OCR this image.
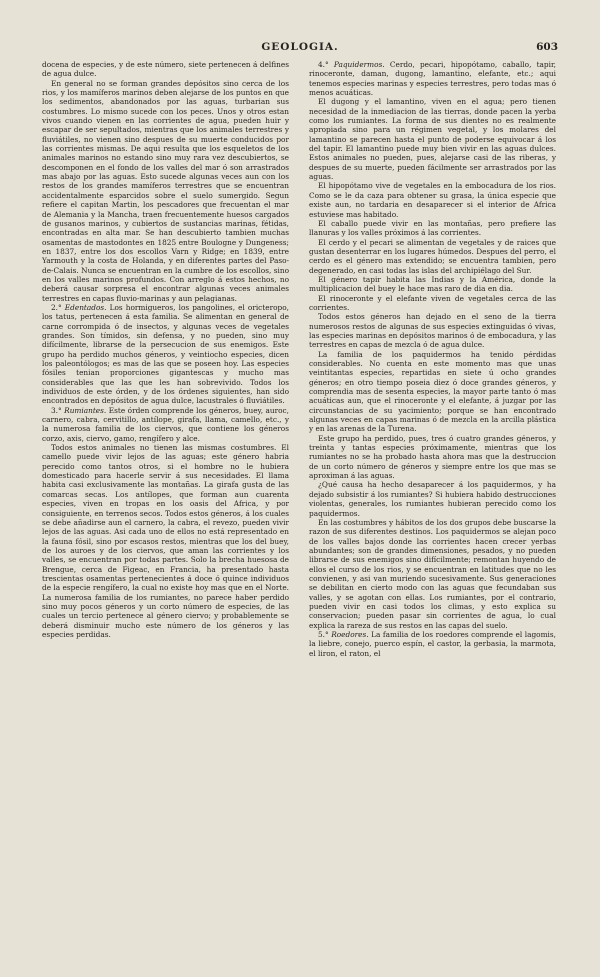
GEOLOGIA.	603

docena de especies, y de este número, siete pertenecen á delfines de agua dulce.

En general no se forman grandes depósitos sino cerca de los rios, y los mamíferos marinos deben alejarse de los puntos en que los sedimentos, abandonados por las aguas, turbarian sus costumbres. Lo mismo sucede con los peces. Unos y otros estan vivos cuando vienen en las corrientes de agua, pueden huir y escapar de ser sepultados, mientras que los animales terrestres y fluviátiles, no vienen sino despues de su muerte conducidos por las corrientes mismas. De aqui resulta que los esqueletos de los animales marinos no estando sino muy rara vez descubiertos, se descomponen en el fondo de los valles del mar ó son arrastrados mas abajo por las aguas. Esto sucede algunas veces aun con los restos de los grandes mamíferos terrestres que se encuentran accidentalmente esparcidos sobre el suelo sumergido. Segun refiere el capitan Martin, los pescadores que frecuentan el mar de Alemania y la Mancha, traen frecuentemente huesos cargados de gusanos marinos, y cubiertos de sustancias marinas, fétidas, encontradas en alta mar. Se han descubierto tambien muchas osamentas de mastodontes en 1825 entre Boulogne y Dungeness; en 1837, entre los dos escollos Varn y Ridge; en 1839, entre Yarmouth y la costa de Holanda, y en diferentes partes del Paso-de-Calais. Nunca se encuentran en la cumbre de los escollos, sino en los valles marinos profundos. Con arreglo á estos hechos, no deberá causar sorpresa el encontrar algunas veces animales terrestres en capas fluvio-marinas y aun pelagianas.

2.° Edentados. Los hormigueros, los pangolines, el oricteropo, los tatus, pertenecen á esta familia. Se alimentan en general de carne corrompida ó de insectos, y algunas veces de vegetales grandes. Son tímidos, sin defensa, y no pueden, sino muy difícilmente, librarse de la persecucion de sus enemigos. Este grupo ha perdido muchos géneros, y veintiocho especies, dicen los paleontólogos; es mas de las que se poseen hoy. Las especies fósiles tenian proporciones gigantescas y mucho mas considerables que las que les han sobrevivido. Todos los individuos de este órden, y de los órdenes siguientes, han sido encontrados en depósitos de agua dulce, lacustrales ó fluviátiles.

3.° Rumiantes. Este órden comprende los géneros, buey, auroc, carnero, cabra, cervitillo, antílope, girafa, llama, camello, etc., y la numerosa familia de los ciervos, que contiene los géneros corzo, axis, ciervo, gamo, rengífero y alce.

Todos estos animales no tienen las mismas costumbres. El camello puede vivir lejos de las aguas; este género habria perecido como tantos otros, si el hombre no le hubiera domesticado para hacerle servir á sus necesidades. El llama habita casi exclusivamente las montañas. La girafa gusta de las comarcas secas. Los antílopes, que forman aun cuarenta especies, viven en tropas en los oasis del Africa, y por consiguiente, en terrenos secos. Todos estos géneros, á los cuales se debe añadirse aun el carnero, la cabra, el revezo, pueden vivir lejos de las aguas. Asi cada uno de ellos no está representado en la fauna fósil, sino por escasos restos, mientras que los del buey, de los auroes y de los ciervos, que aman las corrientes y los valles, se encuentran por todas partes. Solo la brecha huesosa de Brengue, cerca de Figeac, en Francia, ha presentado hasta trescientas osamentas pertenecientes á doce ó quince individuos de la especie rengífero, la cual no existe hoy mas que en el Norte. La numerosa familia de los rumiantes, no parece haber perdido sino muy pocos géneros y un corto número de especies, de las cuales un tercio pertenece al género ciervo; y probablemente se deberá disminuir mucho este número de los géneros y las especies perdidas.

4.° Paquidermos. Cerdo, pecari, hipopótamo, caballo, tapir, rinoceronte, daman, dugong, lamantino, elefante, etc.; aqui tenemos especies marinas y especies terrestres, pero todas mas ó menos acuáticas.

El dugong y el lamantino, viven en el agua; pero tienen necesidad de la inmediacion de las tierras, donde pacen la yerba como los rumiantes. La forma de sus dientes no es realmente apropiada sino para un régimen vegetal, y los molares del lamantino se parecen hasta el punto de poderse equivocar á los del tapir. El lamantino puede muy bien vivir en las aguas dulces. Estos animales no pueden, pues, alejarse casi de las riberas, y despues de su muerte, pueden fácilmente ser arrastrados por las aguas.

El hipopótamo vive de vegetales en la embocadura de los rios. Como se le da caza para obtener su grasa, la única especie que existe aun, no tardaria en desaparecer si el interior de Africa estuviese mas habitado.

El caballo puede vivir en las montañas, pero prefiere las llanuras y los valles próximos á las corrientes.

El cerdo y el pecari se alimentan de vegetales y de raices que gustan desenterrar en los lugares húmedos. Despues del perro, el cerdo es el género mas extendido; se encuentra tambien, pero degenerado, en casi todas las islas del archipiélago del Sur.

El género tapir habita las Indias y la América, donde la multiplicacion del buey le hace mas raro de dia en dia.

El rinoceronte y el elefante viven de vegetales cerca de las corrientes.

Todos estos géneros han dejado en el seno de la tierra numerosos restos de algunas de sus especies extinguidas ó vivas, las especies marinas en depósitos marinos ó de embocadura, y las terrestres en capas de mezcla ó de agua dulce.

La familia de los paquidermos ha tenido pérdidas considerables. No cuenta en este momento mas que unas veintitantas especies, repartidas en siete ú ocho grandes géneros; en otro tiempo poseia diez ó doce grandes géneros, y comprendia mas de sesenta especies, la mayor parte tanto ó mas acuáticas aun, que el rinoceronte y el elefante, á juzgar por las circunstancias de su yacimiento; porque se han encontrado algunas veces en capas marinas ó de mezcla en la arcilla plástica y en las arenas de la Turena.

Este grupo ha perdido, pues, tres ó cuatro grandes géneros, y treinta y tantas especies próximamente, mientras que los rumiantes no se ha probado hasta ahora mas que la destruccion de un corto número de géneros y siempre entre los que mas se aproximan á las aguas.

¿Qué causa ha hecho desaparecer á los paquidermos, y ha dejado subsistir á los rumiantes? Si hubiera habido destrucciones violentas, generales, los rumiantes hubieran perecido como los paquidermos.

En las costumbres y hábitos de los dos grupos debe buscarse la razon de sus diferentes destinos. Los paquidermos se alejan poco de los valles bajos donde las corrientes hacen crecer yerbas abundantes; son de grandes dimensiones, pesados, y no pueden librarse de sus enemigos sino difícilmente; remontan huyendo de ellos el curso de los rios, y se encuentran en latitudes que no les convienen, y asi van muriendo sucesivamente. Sus generaciones se debilitan en cierto modo con las aguas que fecundaban sus valles, y se agotan con ellas. Los rumiantes, por el contrario, pueden vivir en casi todos los climas, y esto explica su conservacion; pueden pasar sin corrientes de agua, lo cual explica la rareza de sus restos en las capas del suelo.

5.° Roedores. La familia de los roedores comprende el lagomis, la liebre, conejo, puerco espín, el castor, la gerbasia, la marmota, el liron, el raton, el
